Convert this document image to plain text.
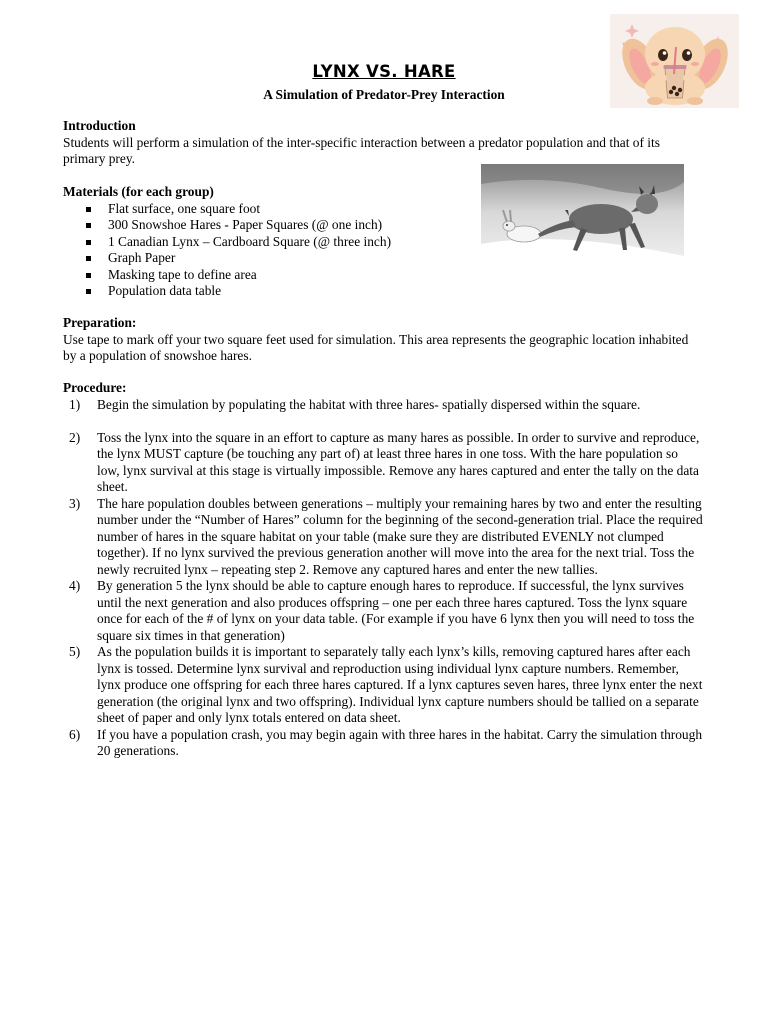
LYNX VS. HARE
A Simulation of Predator-Prey Interaction

Introduction

Students will perform a simulation of the inter-specific interaction between a predator population and that of its primary prey.

Materials (for each group)

Flat surface, one square foot
300 Snowshoe Hares - Paper Squares (@ one inch)
1 Canadian Lynx – Cardboard Square (@ three inch)
Graph Paper
Masking tape to define area
Population data table

Preparation:

Use tape to mark off your two square feet used for simulation. This area represents the geographic location inhabited by a population of snowshoe hares.

Procedure:

1) Begin the simulation by populating the habitat with three hares- spatially dispersed within the square.
2) Toss the lynx into the square in an effort to capture as many hares as possible. In order to survive and reproduce, the lynx MUST capture (be touching any part of) at least three hares in one toss. With the hare population so low, lynx survival at this stage is virtually impossible. Remove any hares captured and enter the tally on the data sheet.
3) The hare population doubles between generations – multiply your remaining hares by two and enter the resulting number under the “Number of Hares” column for the beginning of the second-generation trial. Place the required number of hares in the square habitat on your table (make sure they are distributed EVENLY not clumped together). If no lynx survived the previous generation another will move into the area for the next trial. Toss the newly recruited lynx – repeating step 2. Remove any captured hares and enter the new tallies.
4) By generation 5 the lynx should be able to capture enough hares to reproduce. If successful, the lynx survives until the next generation and also produces offspring – one per each three hares captured. Toss the lynx square once for each of the # of lynx on your data table. (For example if you have 6 lynx then you will need to toss the square six times in that generation)
5) As the population builds it is important to separately tally each lynx’s kills, removing captured hares after each lynx is tossed. Determine lynx survival and reproduction using individual lynx capture numbers. Remember, lynx produce one offspring for each three hares captured. If a lynx captures seven hares, three lynx enter the next generation (the original lynx and two offspring). Individual lynx capture numbers should be tallied on a separate sheet of paper and only lynx totals entered on data sheet.
6) If you have a population crash, you may begin again with three hares in the habitat. Carry the simulation through 20 generations.
